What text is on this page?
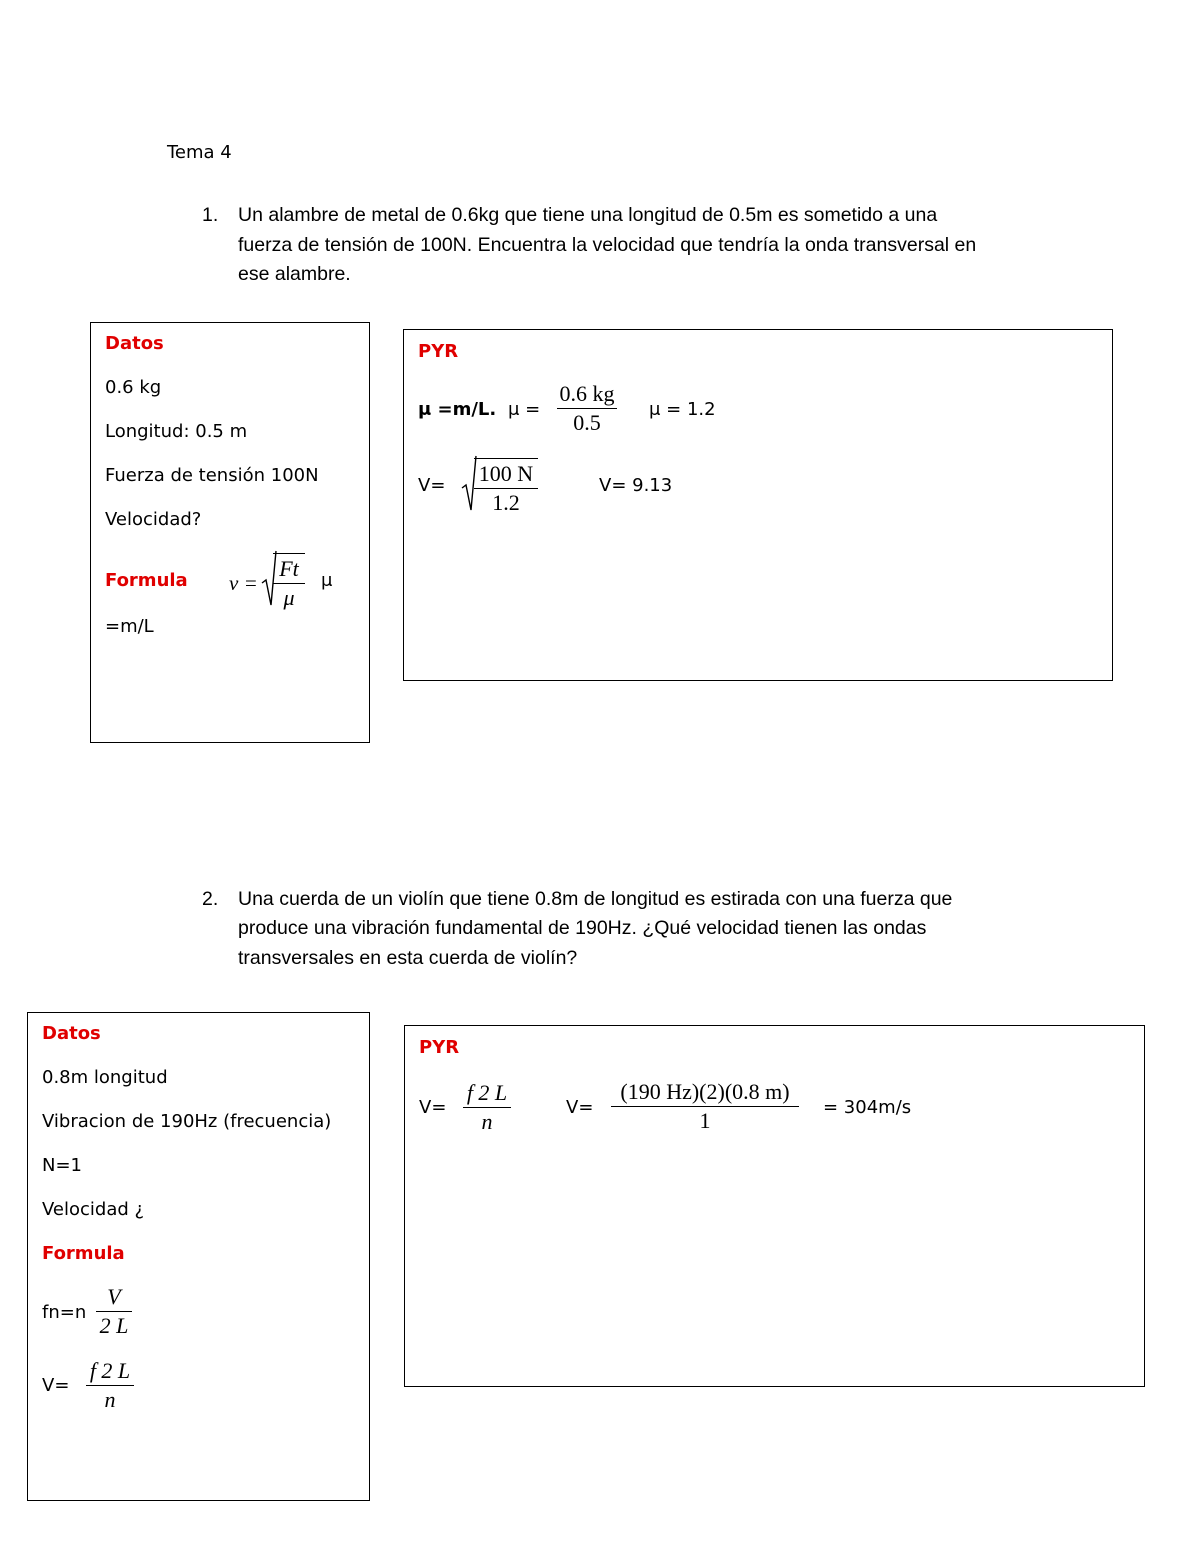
Tema 4
1. Un alambre de metal de 0.6kg que tiene una longitud de 0.5m es sometido a una
fuerza de tensión de 100N. Encuentra la velocidad que tendría la onda transversal en
ese alambre.
Datos
0.6 kg
Longitud: 0.5 m
Fuerza de tensión 100N
Velocidad?
Formula v =
Ft
μ
μ
=m/L
PYR
μ =m/L. μ =
0.6 kg
0.5
μ = 1.2
V= 100 N
1.2
V= 9.13
2. Una cuerda de un violín que tiene 0.8m de longitud es estirada con una fuerza que
produce una vibración fundamental de 190Hz. ¿Qué velocidad tienen las ondas
transversales en esta cuerda de violín?
Datos
0.8m longitud
Vibracion de 190Hz (frecuencia)
N=1
Velocidad ¿
Formula
fn=n
V
2 L
V=
f 2 L
n
PYR
V=
f 2 L
n
V=
(190 Hz)(2)(0.8 m)
1
= 304m/s
